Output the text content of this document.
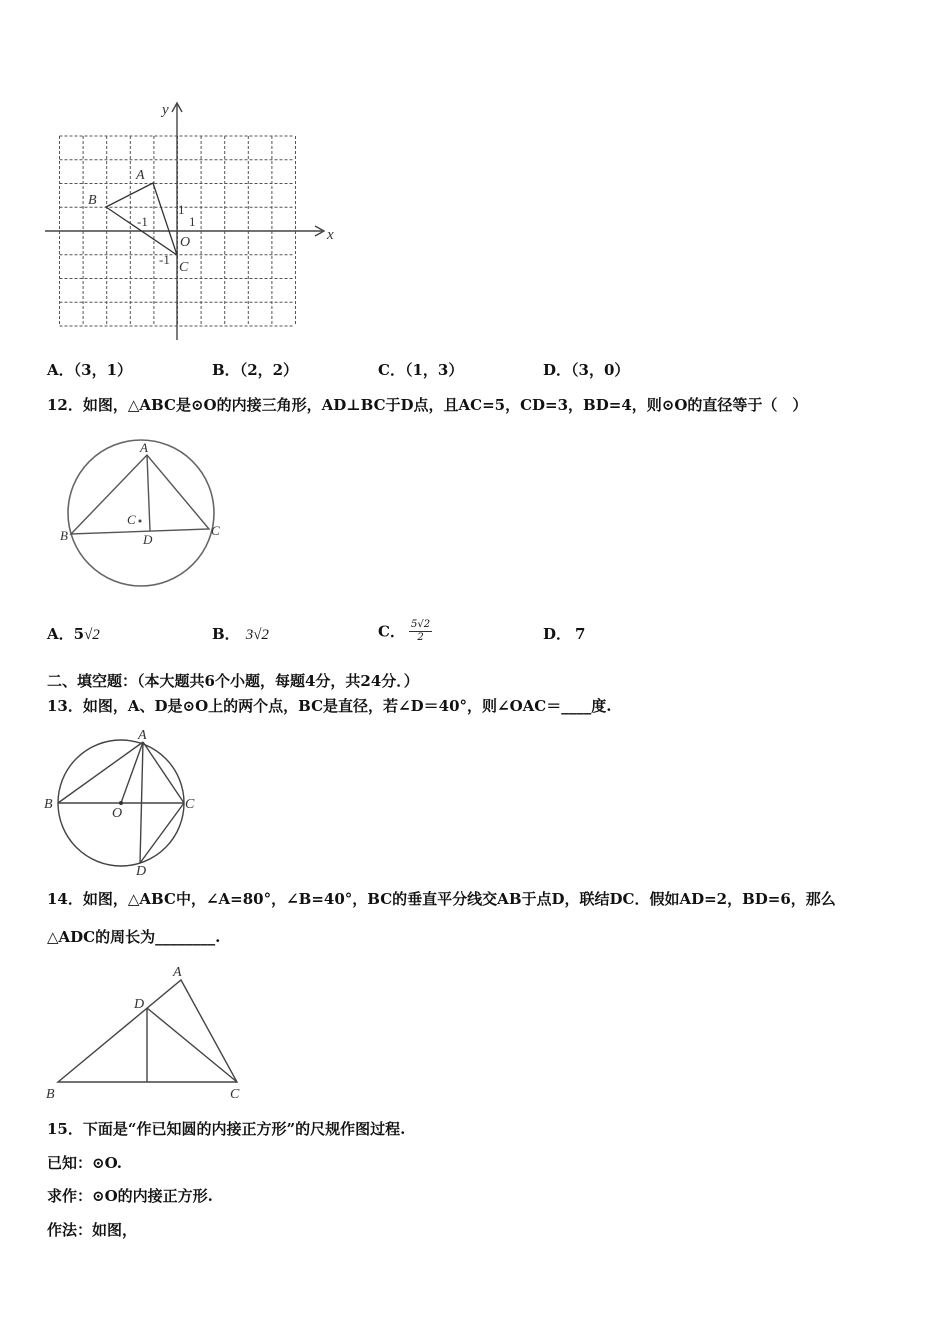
y
x
A
B
O
C
1
1
-1
-1
A．（3，1）	B．（2，2）	C．（1，3）	D．（3，0）
12．如图，△ABC是⊙O的内接三角形，AD⊥BC于D点，且AC=5，CD=3，BD=4，则⊙O的直径等于（　）
A
B	C
D
C
A．5√2	B． 3√2	C． $\frac{5√2}{2}$	D． 7
二、填空题：（本大题共6个小题，每题4分，共24分．）
13．如图，A、D是⊙O上的两个点，BC是直径，若∠D＝40°，则∠OAC＝____度.
A
B	C
D
O
14．如图，△ABC中，∠A=80°，∠B=40°，BC的垂直平分线交AB于点D，联结DC．假如AD=2，BD=6，那么
△ADC的周长为________.
A
B	C
D
15．下面是“作已知圆的内接正方形”的尺规作图过程.
已知：⊙O.
求作：⊙O的内接正方形.
作法：如图，
